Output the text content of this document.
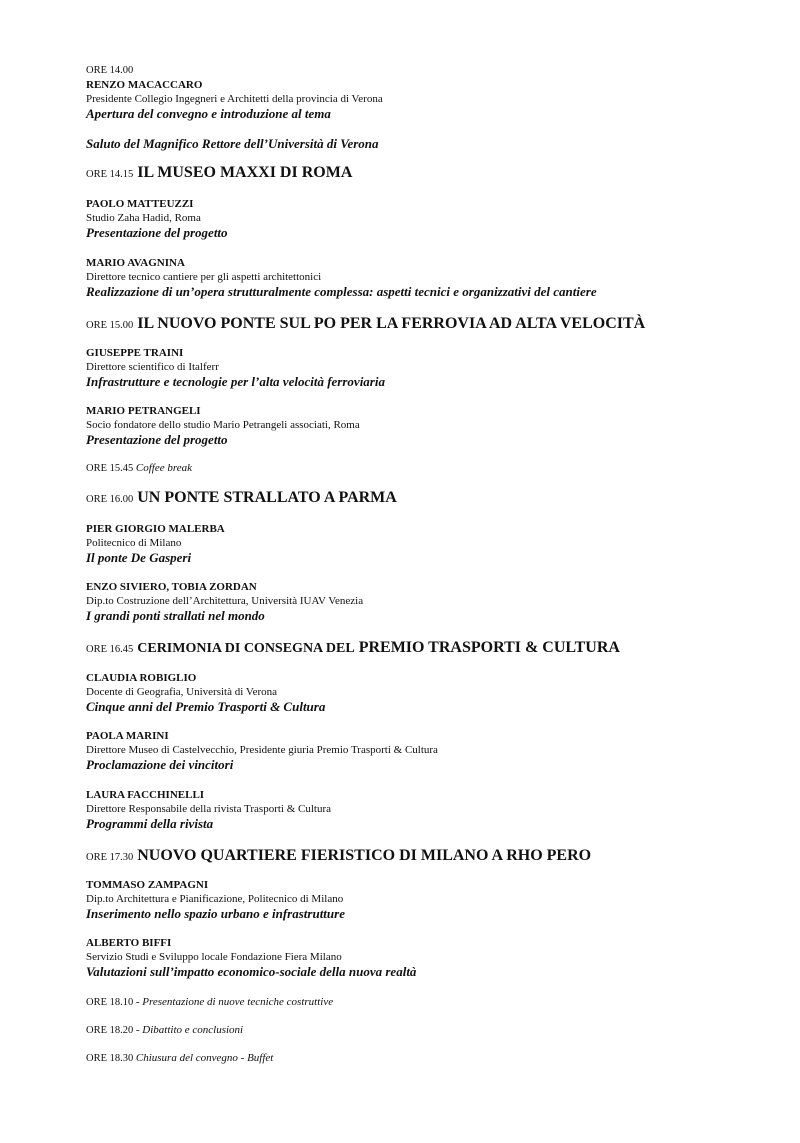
ORE 14.00
RENZO MACACCARO
Presidente Collegio Ingegneri e Architetti della provincia di Verona
Apertura del convegno e introduzione al tema
Saluto del Magnifico Rettore dell’Università di Verona
ORE 14.15 IL MUSEO MAXXI DI ROMA
PAOLO MATTEUZZI
Studio Zaha Hadid, Roma
Presentazione del progetto
MARIO AVAGNINA
Direttore tecnico cantiere per gli aspetti architettonici
Realizzazione di un’opera strutturalmente complessa: aspetti tecnici e organizzativi del cantiere
ORE 15.00 IL NUOVO PONTE SUL PO PER LA FERROVIA AD ALTA VELOCITÀ
GIUSEPPE TRAINI
Direttore scientifico di Italferr
Infrastrutture e tecnologie per l’alta velocità ferroviaria
MARIO PETRANGELI
Socio fondatore dello studio Mario Petrangeli associati, Roma
Presentazione del progetto
ORE 15.45 Coffee break
ORE 16.00 UN PONTE STRALLATO A PARMA
PIER GIORGIO MALERBA
Politecnico di Milano
Il ponte De Gasperi
ENZO SIVIERO, TOBIA ZORDAN
Dip.to Costruzione dell’Architettura, Università IUAV Venezia
I grandi ponti strallati nel mondo
ORE 16.45 CERIMONIA DI CONSEGNA DEL PREMIO TRASPORTI & CULTURA
CLAUDIA ROBIGLIO
Docente di Geografia, Università di Verona
Cinque anni del Premio Trasporti & Cultura
PAOLA MARINI
Direttore Museo di Castelvecchio, Presidente giuria Premio Trasporti & Cultura
Proclamazione dei vincitori
LAURA FACCHINELLI
Direttore Responsabile della rivista Trasporti & Cultura
Programmi della rivista
ORE 17.30 NUOVO QUARTIERE FIERISTICO DI MILANO A RHO PERO
TOMMASO ZAMPAGNI
Dip.to Architettura e Pianificazione, Politecnico di Milano
Inserimento nello spazio urbano e infrastrutture
ALBERTO BIFFI
Servizio Studi e Sviluppo locale Fondazione Fiera Milano
Valutazioni sull’impatto economico-sociale della nuova realtà
ORE 18.10 - Presentazione di nuove tecniche costruttive
ORE 18.20 - Dibattito e conclusioni
ORE 18.30 Chiusura del convegno - Buffet
